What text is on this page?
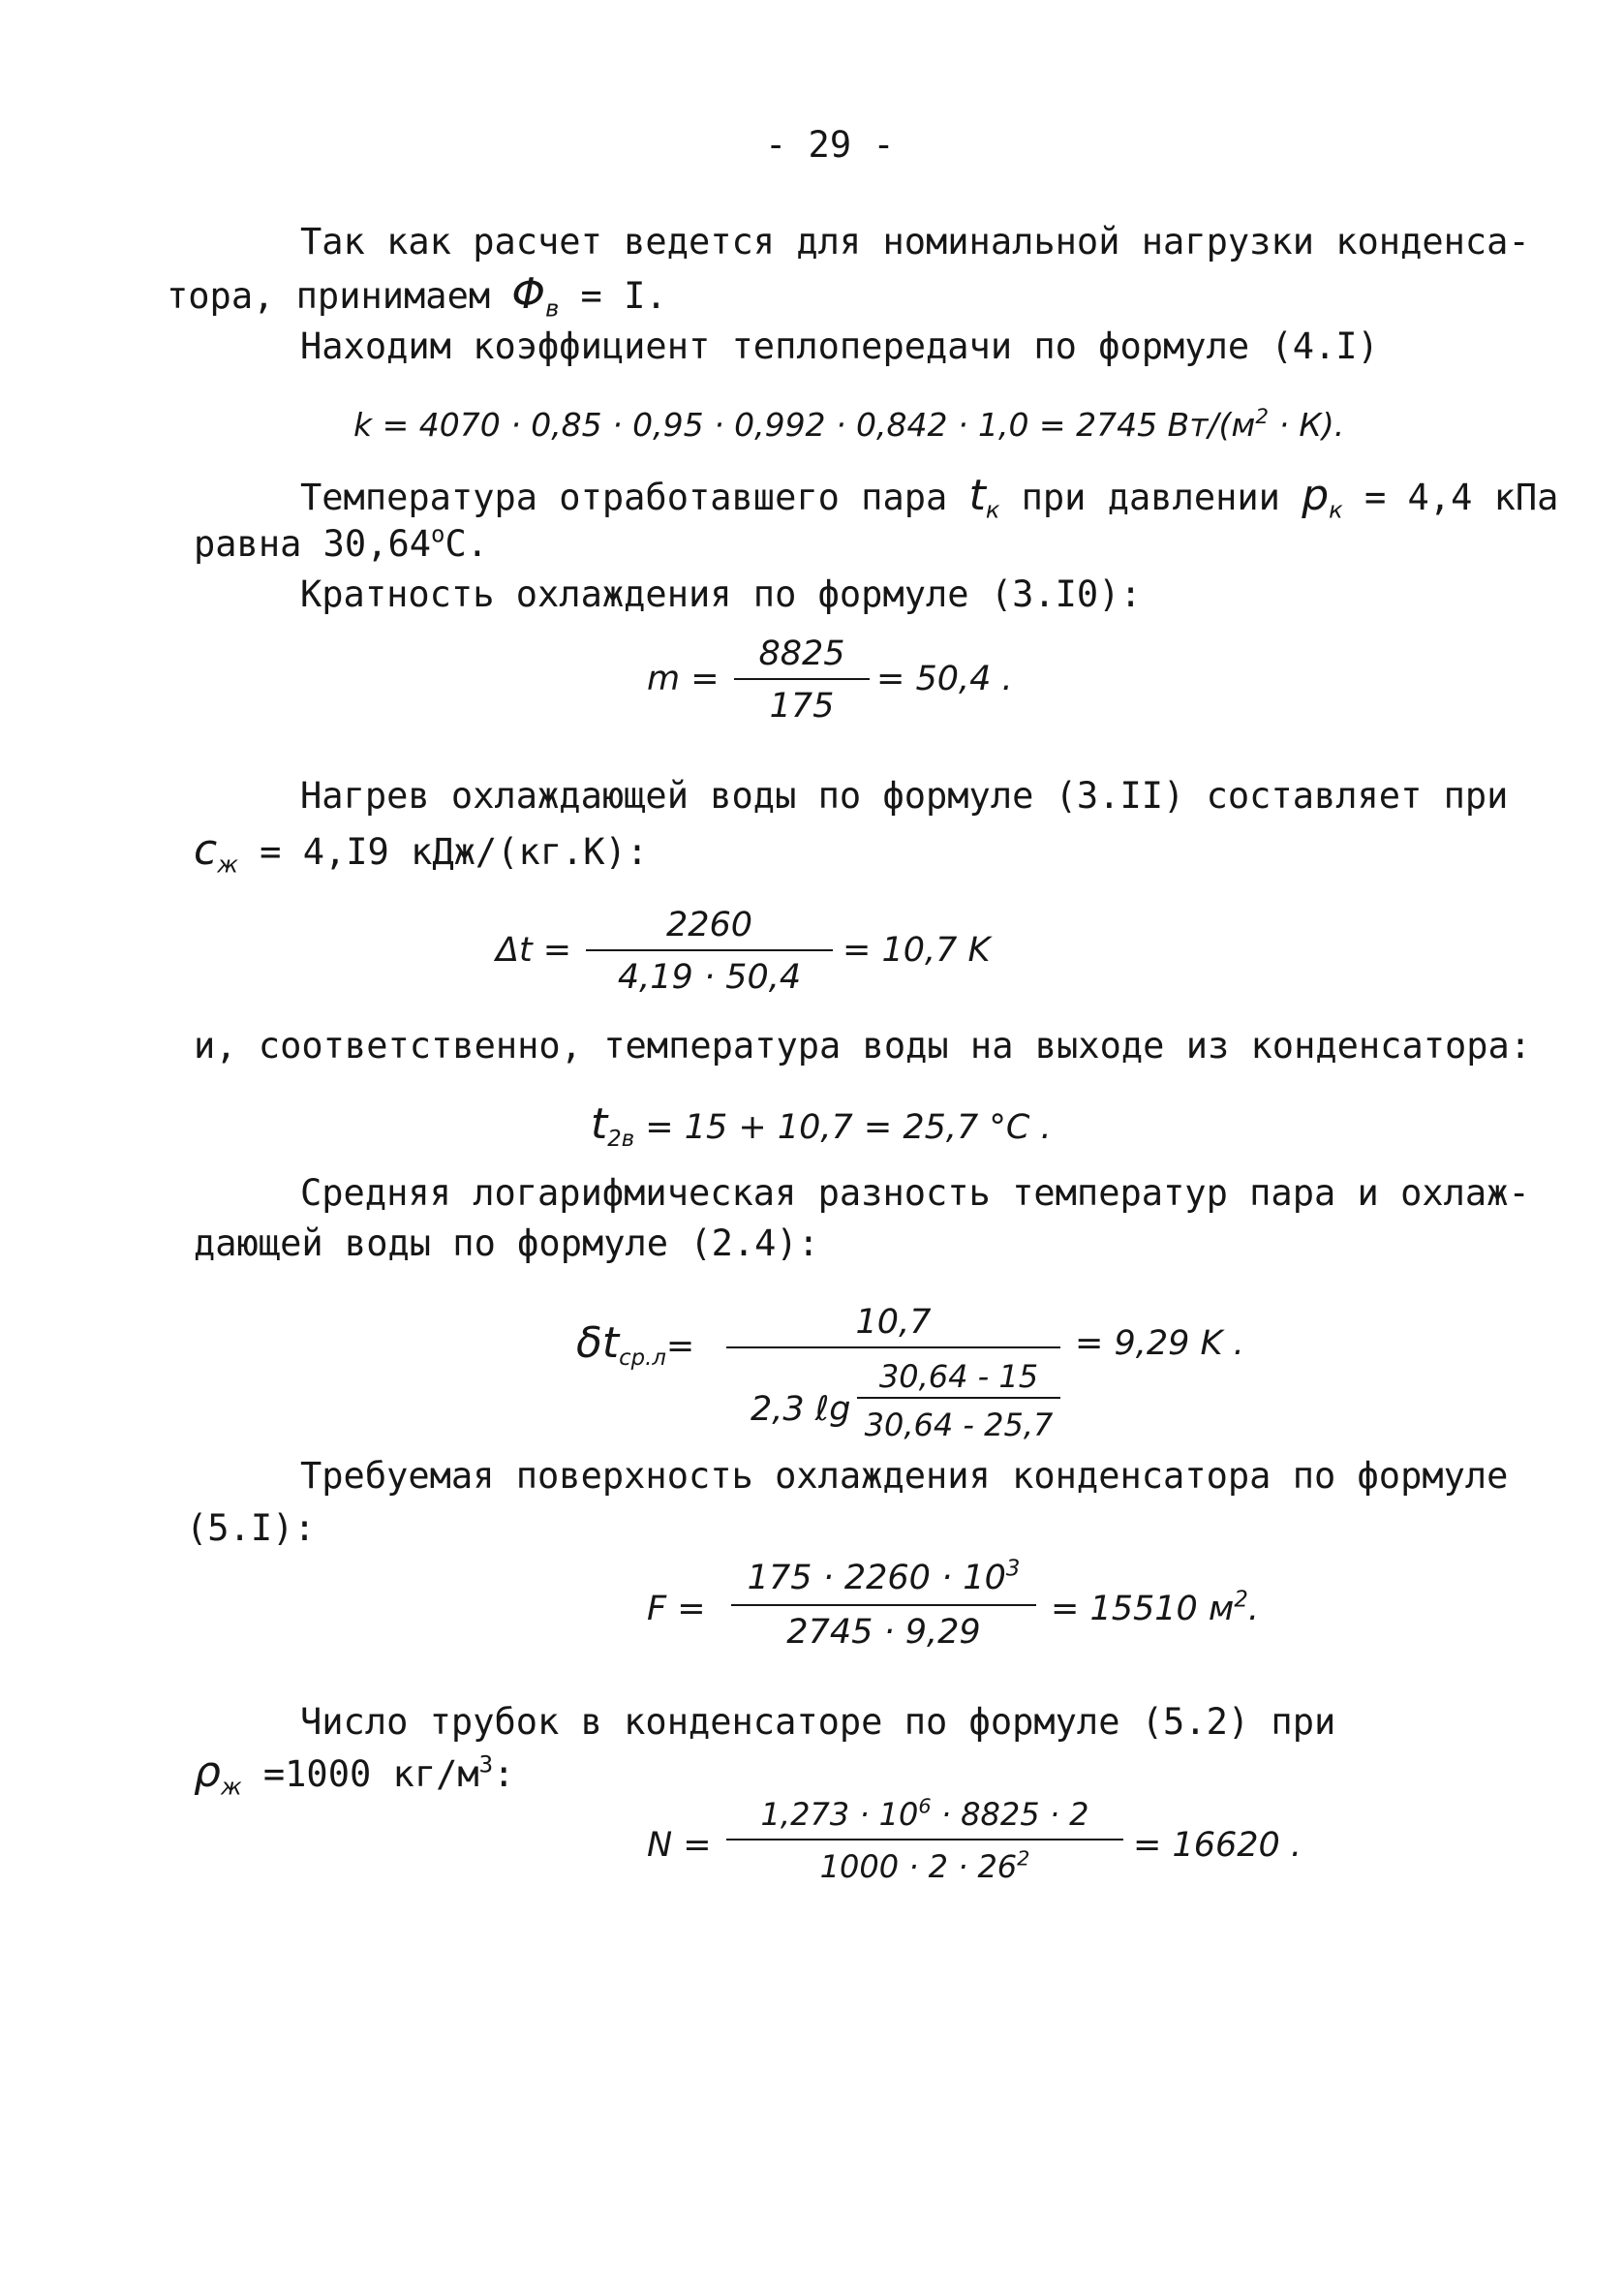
- 29 -
Так как расчет ведется для номинальной нагрузки конденса-
тора, принимаем $\Phi_в = I$.
Находим коэффициент теплопередачи по формуле (4.I)
k = 4070 · 0,85 · 0,95 · 0,992 · 0,842 · 1,0 = 2745 $Вт/(м^2 \cdot К)$.
Температура отработавшего пара $t_к$ при давлении $p_к = 4,4$ кПа
равна $30,64^оС$.
Кратность охлаждения по формуле (3.I0):
m =
8825
175
= 50,4 .
Нагрев охлаждающей воды по формуле (3.II) составляет при
$c_ж = 4,I9$ кДж/(кг.К):
Δt =
2260
4,19 · 50,4
= 10,7 K
и, соответственно, температура воды на выходе из конденсатора:
$t_{2в} = 15 + 10,7 = 25,7$ °С .
Средняя логарифмическая разность температур пара и охлаж-
дающей воды по формуле (2.4):
$\delta t_{ср.л}=$
10,7
2,3 ℓg
30,64 - 15
30,64 - 25,7
= 9,29 K .
Требуемая поверхность охлаждения конденсатора по формуле
(5.I):
F =
$175 \cdot 2260 \cdot 10^3$
2745 · 9,29
= 15510 $м^2$.
Число трубок в конденсаторе по формуле (5.2) при
$\rho_ж =1000$ $кг/м^3$:
N =
$1,273 \cdot 10^6 \cdot 8825 \cdot 2$
$1000 \cdot 2 \cdot 26^2$	= 16620 .
